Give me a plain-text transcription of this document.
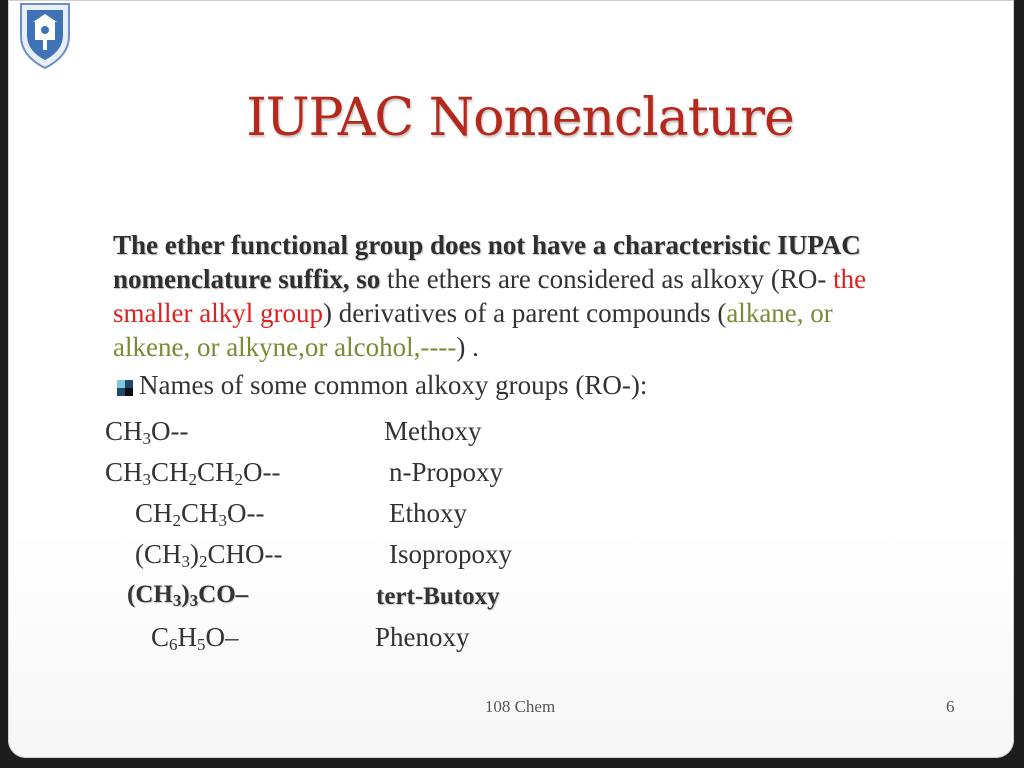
IUPAC Nomenclature
The ether functional group does not have a characteristic IUPAC nomenclature suffix, so the ethers are considered as alkoxy (RO- the smaller alkyl group) derivatives of a parent compounds (alkane, or alkene, or alkyne,or alcohol,----) .
Names of some common alkoxy groups (RO-):
$CH_3O--$	Methoxy
$CH_3CH_2CH_2O--$	n-Propoxy
$CH_2CH_3O--$	Ethoxy
$(CH_3)_2CHO--$	Isopropoxy
$(CH_3)_3CO-$	tert-Butoxy
$C_6H_5O-$	Phenoxy
108 Chem	6
